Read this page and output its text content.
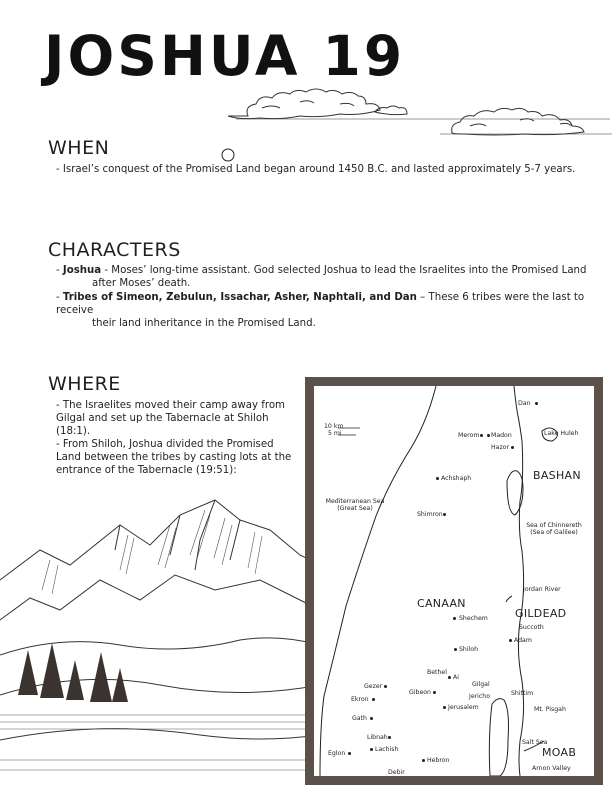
JOSHUA 19
WHEN

- Israel’s conquest of the Promised Land began around 1450 B.C. and lasted approximately 5-7 years.

CHARACTERS

- Joshua - Moses’ long-time assistant. God selected Joshua to lead the Israelites into the Promised Land
after Moses’ death.

- Tribes of Simeon, Zebulun, Issachar, Asher, Naphtali, and Dan – These 6 tribes were the last to receive
their land inheritance in the Promised Land.

WHERE

- The Israelites moved their camp away from Gilgal and set up the Tabernacle at Shiloh (18:1).

- From Shiloh, Joshua divided the Promised Land between the tribes by casting lots at the entrance of the Tabernacle (19:51):

10 km
5 mi
BASHAN
CANAAN
GILDEAD
MOAB
Dan
Merom Madon
Hazor
Lake Huleh
Achshaph
Mediterranean Sea
(Great Sea)
Shimron
Sea of Chinnereth
(Sea of Galilee)
Jordan River
Shechem
Succoth
Adam
Shiloh
Bethel
Ai
Gilgal
Gezer
Ekron
Gibeon
Jericho
Jerusalem
Shittim
Mt. Pisgah
Gath
Libnah
Lachish
Salt Sea
Eglon
Hebron
Arnon Valley
Debir
